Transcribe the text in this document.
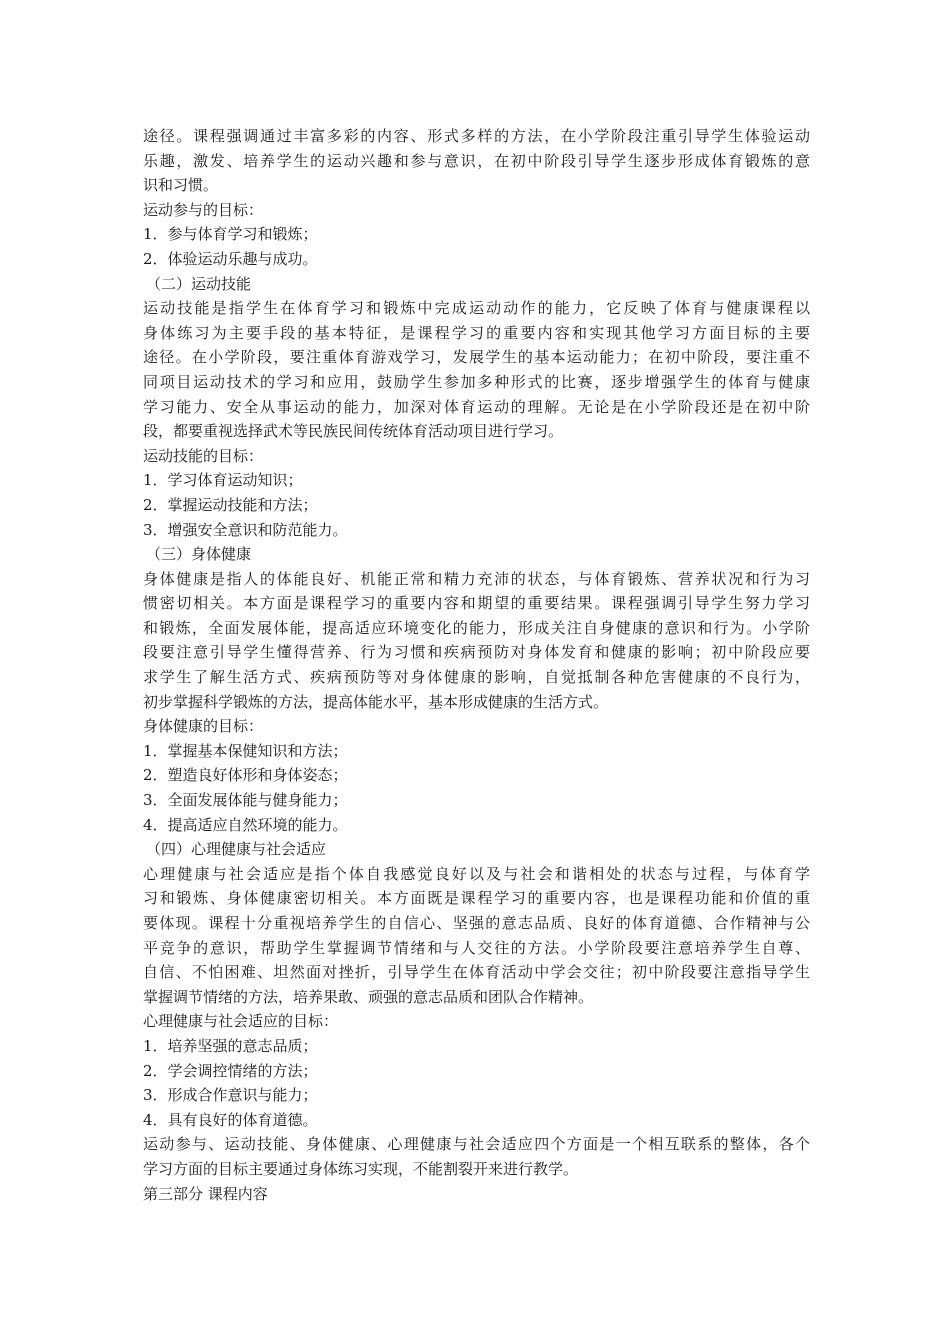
途径。课程强调通过丰富多彩的内容、形式多样的方法，在小学阶段注重引导学生体验运动
乐趣，激发、培养学生的运动兴趣和参与意识，在初中阶段引导学生逐步形成体育锻炼的意
识和习惯。
运动参与的目标：
1．参与体育学习和锻炼；
2．体验运动乐趣与成功。
（二）运动技能
运动技能是指学生在体育学习和锻炼中完成运动动作的能力，它反映了体育与健康课程以
身体练习为主要手段的基本特征，是课程学习的重要内容和实现其他学习方面目标的主要
途径。在小学阶段，要注重体育游戏学习，发展学生的基本运动能力；在初中阶段，要注重不
同项目运动技术的学习和应用，鼓励学生参加多种形式的比赛，逐步增强学生的体育与健康
学习能力、安全从事运动的能力，加深对体育运动的理解。无论是在小学阶段还是在初中阶
段，都要重视选择武术等民族民间传统体育活动项目进行学习。
运动技能的目标：
1．学习体育运动知识；
2．掌握运动技能和方法；
3．增强安全意识和防范能力。
（三）身体健康
身体健康是指人的体能良好、机能正常和精力充沛的状态，与体育锻炼、营养状况和行为习
惯密切相关。本方面是课程学习的重要内容和期望的重要结果。课程强调引导学生努力学习
和锻炼，全面发展体能，提高适应环境变化的能力，形成关注自身健康的意识和行为。小学阶
段要注意引导学生懂得营养、行为习惯和疾病预防对身体发育和健康的影响；初中阶段应要
求学生了解生活方式、疾病预防等对身体健康的影响，自觉抵制各种危害健康的不良行为，
初步掌握科学锻炼的方法，提高体能水平，基本形成健康的生活方式。
身体健康的目标：
1．掌握基本保健知识和方法；
2．塑造良好体形和身体姿态；
3．全面发展体能与健身能力；
4．提高适应自然环境的能力。
（四）心理健康与社会适应
心理健康与社会适应是指个体自我感觉良好以及与社会和谐相处的状态与过程，与体育学
习和锻炼、身体健康密切相关。本方面既是课程学习的重要内容，也是课程功能和价值的重
要体现。课程十分重视培养学生的自信心、坚强的意志品质、良好的体育道德、合作精神与公
平竞争的意识，帮助学生掌握调节情绪和与人交往的方法。小学阶段要注意培养学生自尊、
自信、不怕困难、坦然面对挫折，引导学生在体育活动中学会交往；初中阶段要注意指导学生
掌握调节情绪的方法，培养果敢、顽强的意志品质和团队合作精神。
心理健康与社会适应的目标：
1．培养坚强的意志品质；
2．学会调控情绪的方法；
3．形成合作意识与能力；
4．具有良好的体育道德。
运动参与、运动技能、身体健康、心理健康与社会适应四个方面是一个相互联系的整体，各个
学习方面的目标主要通过身体练习实现，不能割裂开来进行教学。
第三部分 课程内容
